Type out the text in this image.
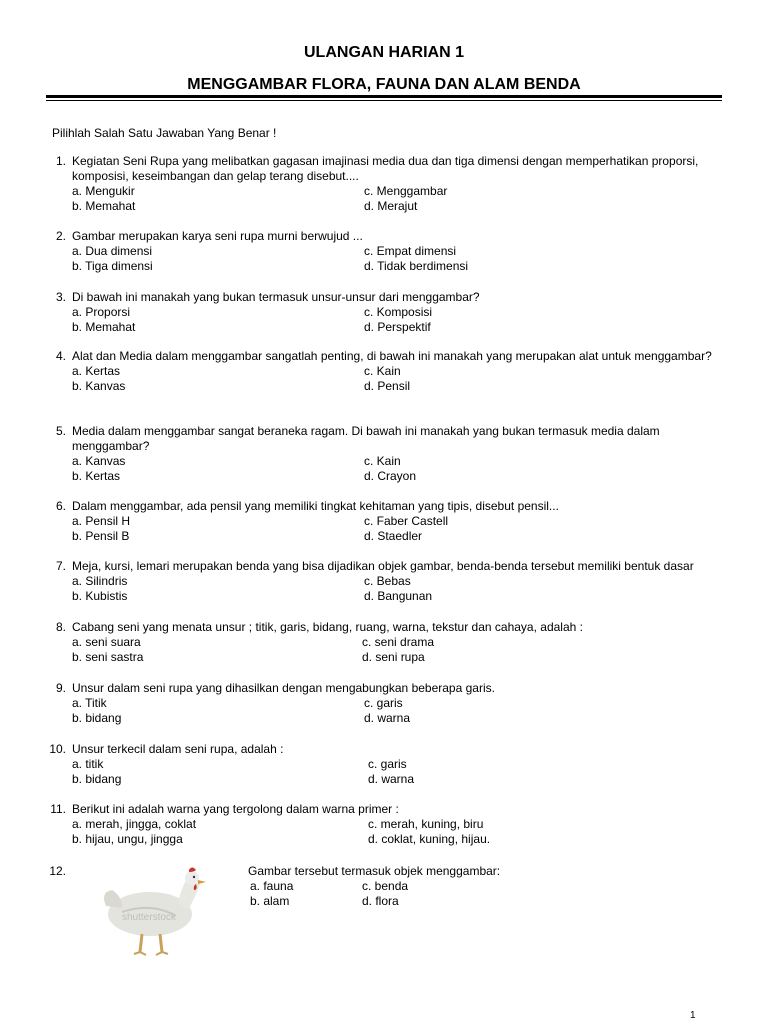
ULANGAN HARIAN 1
MENGGAMBAR FLORA, FAUNA DAN ALAM BENDA
Pilihlah Salah Satu Jawaban Yang Benar !
1. Kegiatan Seni Rupa yang melibatkan gagasan imajinasi media dua dan tiga dimensi dengan memperhatikan proporsi, komposisi, keseimbangan dan gelap terang disebut....
a. Mengukir
b. Memahat
c. Menggambar
d. Merajut
2. Gambar merupakan karya seni rupa murni berwujud ...
a. Dua dimensi
b. Tiga dimensi
c. Empat dimensi
d. Tidak berdimensi
3. Di bawah ini manakah yang bukan termasuk unsur-unsur dari menggambar?
a. Proporsi
b. Memahat
c. Komposisi
d. Perspektif
4. Alat dan Media dalam menggambar sangatlah penting, di bawah ini manakah yang merupakan alat untuk menggambar?
a. Kertas
b. Kanvas
c. Kain
d. Pensil
5. Media dalam menggambar sangat beraneka ragam. Di bawah ini manakah yang bukan termasuk media dalam menggambar?
a. Kanvas
b. Kertas
c. Kain
d. Crayon
6. Dalam menggambar, ada pensil yang memiliki tingkat kehitaman yang tipis, disebut pensil...
a. Pensil H
b. Pensil B
c. Faber Castell
d. Staedler
7. Meja, kursi, lemari merupakan benda yang bisa dijadikan objek gambar, benda-benda tersebut memiliki bentuk dasar
a. Silindris
b. Kubistis
c. Bebas
d. Bangunan
8. Cabang seni yang menata unsur ; titik, garis, bidang, ruang, warna, tekstur dan cahaya, adalah :
a. seni suara
b. seni sastra
c. seni drama
d. seni rupa
9. Unsur dalam seni rupa yang dihasilkan dengan mengabungkan beberapa garis.
a. Titik
b. bidang
c. garis
d. warna
10. Unsur terkecil dalam seni rupa, adalah :
a. titik
b. bidang
c. garis
d. warna
11. Berikut ini adalah warna yang tergolong dalam warna primer :
a. merah, jingga, coklat
b. hijau, ungu, jingga
c. merah, kuning, biru
d. coklat, kuning, hijau.
12.
shutterstock
Gambar tersebut termasuk objek menggambar:
a. fauna
b. alam
c. benda
d. flora
1
